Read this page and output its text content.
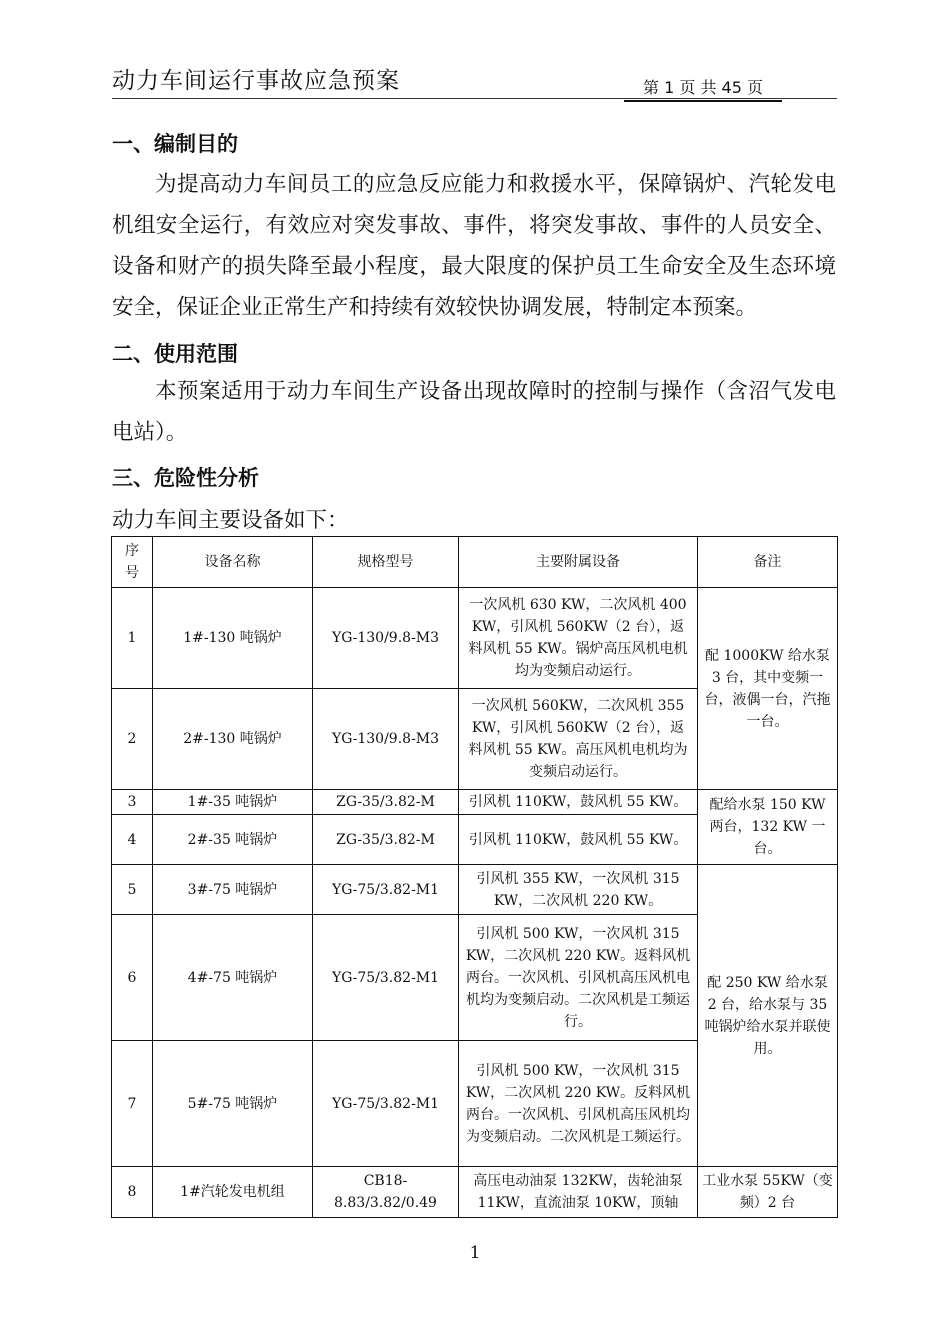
动力车间运行事故应急预案	第 1 页 共 45 页
一、编制目的
为提高动力车间员工的应急反应能力和救援水平，保障锅炉、汽轮发电机组安全运行，有效应对突发事故、事件，将突发事故、事件的人员安全、设备和财产的损失降至最小程度，最大限度的保护员工生命安全及生态环境安全，保证企业正常生产和持续有效较快协调发展，特制定本预案。
二、使用范围
本预案适用于动力车间生产设备出现故障时的控制与操作（含沼气发电电站）。
三、危险性分析
动力车间主要设备如下：
序号	设备名称	规格型号	主要附属设备	备注
1	1#-130 吨锅炉	YG-130/9.8-M3	一次风机 630 KW，二次风机 400 KW，引风机 560KW（2 台），返料风机 55 KW。锅炉高压风机电机均为变频启动运行。	配 1000KW 给水泵 3 台，其中变频一台，液偶一台，汽拖一台。
2	2#-130 吨锅炉	YG-130/9.8-M3	一次风机 560KW，二次风机 355 KW，引风机 560KW（2 台），返料风机 55 KW。高压风机电机均为变频启动运行。	
3	1#-35 吨锅炉	ZG-35/3.82-M	引风机 110KW，鼓风机 55 KW。	配给水泵 150 KW 两台，132 KW 一台。
4	2#-35 吨锅炉	ZG-35/3.82-M	引风机 110KW，鼓风机 55 KW。	
5	3#-75 吨锅炉	YG-75/3.82-M1	引风机 355 KW，一次风机 315 KW，二次风机 220 KW。	配 250 KW 给水泵 2 台，给水泵与 35 吨锅炉给水泵并联使用。
6	4#-75 吨锅炉	YG-75/3.82-M1	引风机 500 KW，一次风机 315 KW，二次风机 220 KW。返料风机两台。一次风机、引风机高压风机电机均为变频启动。二次风机是工频运行。	
7	5#-75 吨锅炉	YG-75/3.82-M1	引风机 500 KW，一次风机 315 KW，二次风机 220 KW。反料风机两台。一次风机、引风机高压风机均为变频启动。二次风机是工频运行。	
8	1#汽轮发电机组	CB18-8.83/3.82/0.49	高压电动油泵 132KW，齿轮油泵 11KW，直流油泵 10KW，顶轴	工业水泵 55KW（变频）2 台
1
